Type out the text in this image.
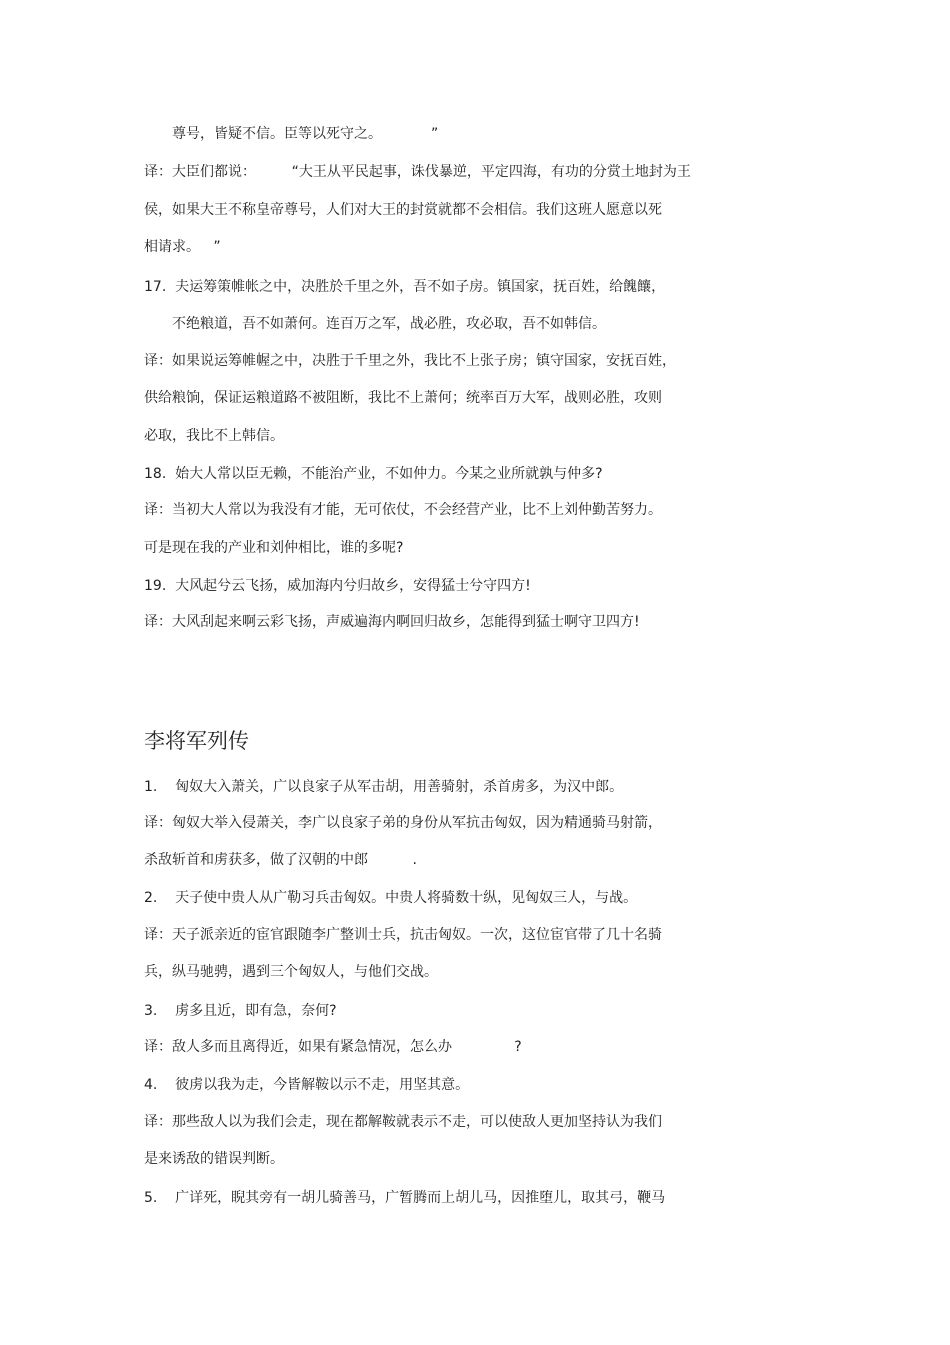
尊号，皆疑不信。臣等以死守之。           ”
译：大臣们都说：        “大王从平民起事，诛伐暴逆，平定四海，有功的分赏土地封为王
侯，如果大王不称皇帝尊号，人们对大王的封赏就都不会相信。我们这班人愿意以死
相请求。   ”
17.  夫运筹策帷帐之中，决胜於千里之外，吾不如子房。镇国家，抚百姓，给餽饟，
不绝粮道，吾不如萧何。连百万之军，战必胜，攻必取，吾不如韩信。
译：如果说运筹帷幄之中，决胜于千里之外，我比不上张子房；镇守国家，安抚百姓，
供给粮饷，保证运粮道路不被阻断，我比不上萧何；统率百万大军，战则必胜，攻则
必取，我比不上韩信。
18.  始大人常以臣无赖，不能治产业，不如仲力。今某之业所就孰与仲多?
译：当初大人常以为我没有才能，无可依仗，不会经营产业，比不上刘仲勤苦努力。
可是现在我的产业和刘仲相比，谁的多呢?
19.  大风起兮云飞扬，威加海内兮归故乡，安得猛士兮守四方!
译：大风刮起来啊云彩飞扬，声威遍海内啊回归故乡，怎能得到猛士啊守卫四方!
李将军列传
1.    匈奴大入萧关，广以良家子从军击胡，用善骑射，杀首虏多，为汉中郎。
译：匈奴大举入侵萧关，李广以良家子弟的身份从军抗击匈奴，因为精通骑马射箭，
杀敌斩首和虏获多，做了汉朝的中郎          .
2.    天子使中贵人从广勒习兵击匈奴。中贵人将骑数十纵，见匈奴三人，与战。
译：天子派亲近的宦官跟随李广整训士兵，抗击匈奴。一次，这位宦官带了几十名骑
兵，纵马驰骋，遇到三个匈奴人，与他们交战。
3.    虏多且近，即有急，奈何?
译：敌人多而且离得近，如果有紧急情况，怎么办              ?
4.    彼虏以我为走，今皆解鞍以示不走，用坚其意。
译：那些敌人以为我们会走，现在都解鞍就表示不走，可以使敌人更加坚持认为我们
是来诱敌的错误判断。
5.    广详死，睨其旁有一胡儿骑善马，广暂腾而上胡儿马，因推堕儿，取其弓，鞭马
